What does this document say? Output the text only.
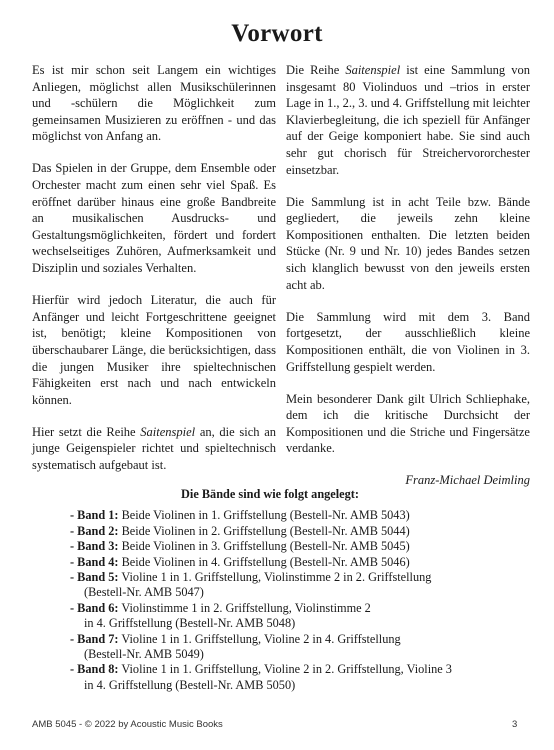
Vorwort

Es ist mir schon seit Langem ein wichtiges Anliegen, möglichst allen Musikschülerinnen und -schülern die Möglichkeit zum gemeinsamen Musizieren zu eröffnen - und das möglichst von Anfang an.

Das Spielen in der Gruppe, dem Ensemble oder Orchester macht zum einen sehr viel Spaß. Es eröffnet darüber hinaus eine große Bandbreite an musikalischen Ausdrucks- und Gestaltungsmöglichkeiten, fördert und fordert wechselseitiges Zuhören, Aufmerksamkeit und Disziplin und soziales Verhalten.

Hierfür wird jedoch Literatur, die auch für Anfänger und leicht Fortgeschrittene geeignet ist, benötigt; kleine Kompositionen von überschaubarer Länge, die berücksichtigen, dass die jungen Musiker ihre spieltechnischen Fähigkeiten erst nach und nach entwickeln können.

Hier setzt die Reihe Saitenspiel an, die sich an junge Geigenspieler richtet und spieltechnisch systematisch aufgebaut ist.

Die Reihe Saitenspiel ist eine Sammlung von insgesamt 80 Violinduos und –trios in erster Lage in 1., 2., 3. und 4. Griffstellung mit leichter Klavierbegleitung, die ich speziell für Anfänger auf der Geige komponiert habe. Sie sind auch sehr gut chorisch für Streichervororchester einsetzbar.

Die Sammlung ist in acht Teile bzw. Bände gegliedert, die jeweils zehn kleine Kompositionen enthalten. Die letzten beiden Stücke (Nr. 9 und Nr. 10) jedes Bandes setzen sich klanglich bewusst von den jeweils ersten acht ab.

Die Sammlung wird mit dem 3. Band fortgesetzt, der ausschließlich kleine Kompositionen enthält, die von Violinen in 3. Griffstellung gespielt werden.

Mein besonderer Dank gilt Ulrich Schliephake, dem ich die kritische Durchsicht der Kompositionen und die Striche und Fingersätze verdanke.

Franz-Michael Deimling

Die Bände sind wie folgt angelegt:
- Band 1: Beide Violinen in 1. Griffstellung (Bestell-Nr. AMB 5043)
- Band 2: Beide Violinen in 2. Griffstellung (Bestell-Nr. AMB 5044)
- Band 3: Beide Violinen in 3. Griffstellung (Bestell-Nr. AMB 5045)
- Band 4: Beide Violinen in 4. Griffstellung (Bestell-Nr. AMB 5046)
- Band 5: Violine 1 in 1. Griffstellung, Violinstimme 2 in 2. Griffstellung
(Bestell-Nr. AMB 5047)
- Band 6: Violinstimme 1 in 2. Griffstellung, Violinstimme 2
in 4. Griffstellung (Bestell-Nr. AMB 5048)
- Band 7: Violine 1 in 1. Griffstellung, Violine 2 in 4. Griffstellung
(Bestell-Nr. AMB 5049)
- Band 8: Violine 1 in 1. Griffstellung, Violine 2 in 2. Griffstellung, Violine 3
in 4. Griffstellung (Bestell-Nr. AMB 5050)
AMB 5045 - © 2022 by Acoustic Music Books	3
